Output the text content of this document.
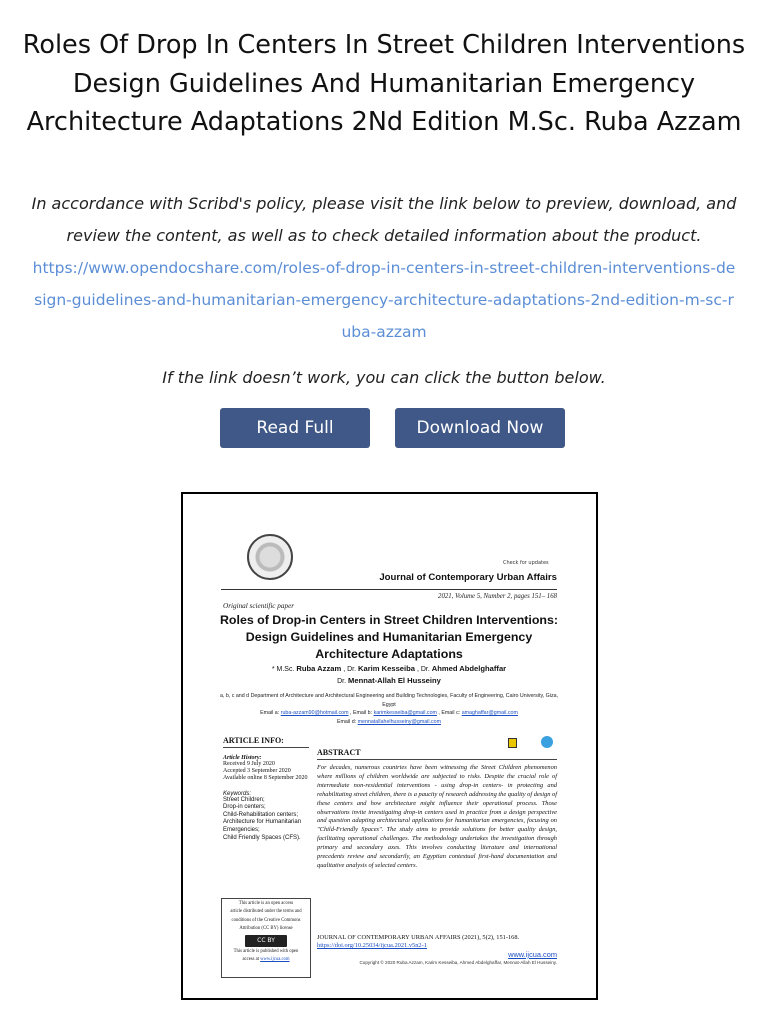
Roles Of Drop In Centers In Street Children Interventions Design Guidelines And Humanitarian Emergency Architecture Adaptations 2Nd Edition M.Sc. Ruba Azzam
In accordance with Scribd's policy, please visit the link below to preview, download, and review the content, as well as to check detailed information about the product.
https://www.opendocshare.com/roles-of-drop-in-centers-in-street-children-interventions-design-guidelines-and-humanitarian-emergency-architecture-adaptations-2nd-edition-m-sc-ruba-azzam
If the link doesn’t work, you can click the button below.
Read Full	Download Now
Check for updates
Journal of Contemporary Urban Affairs
2021, Volume 5, Number 2, pages 151– 168
Original scientific paper
Roles of Drop-in Centers in Street Children Interventions: Design Guidelines and Humanitarian Emergency Architecture Adaptations
* M.Sc. Ruba Azzam , Dr. Karim Kesseiba , Dr. Ahmed Abdelghaffar
Dr. Mennat-Allah El Husseiny
a, b, c and d Department of Architecture and Architectural Engineering and Building Technologies, Faculty of Engineering, Cairo University, Giza, Egypt
Email a: ruba-azzam90@hotmail.com , Email b: karimkesseiba@gmail.com , Email c: amaghaffar@gmail.com
Email d: mennatallahelhusseiny@gmail.com
ARTICLE INFO:
Article History:
Received 9 July 2020
Accepted 3 September 2020
Available online 8 September 2020
Keywords:
Street Children;
Drop-in centers;
Child-Rehabilitation centers;
Architecture for Humanitarian Emergencies;
Child Friendly Spaces (CFS).
This article is an open access
article distributed under the terms and
conditions of the Creative Commons
Attribution (CC BY) license
CC BY
This article is published with open
access at www.ijcua.com
ABSTRACT
For decades, numerous countries have been witnessing the Street Children phenomenon where millions of children worldwide are subjected to risks. Despite the crucial role of intermediate non-residential interventions - using drop-in centers- in protecting and rehabilitating street children, there is a paucity of research addressing the quality of design of these centers and how architecture might influence their operational process. Those observations invite investigating drop-in centers used in practice from a design perspective and question adapting architectural applications for humanitarian emergencies, focusing on "Child-Friendly Spaces". The study aims to provide solutions for better quality design, facilitating operational challenges. The methodology undertakes the investigation through primary and secondary axes. This involves conducting literature and international precedents review and secondarily, an Egyptian contextual first-hand documentation and qualitative analysis of selected centers.
JOURNAL OF CONTEMPORARY URBAN AFFAIRS (2021), 5(2), 151-168.
https://doi.org/10.25034/ijcua.2021.v5n2-1
www.ijcua.com
Copyright © 2020 Ruba Azzam, Karim Kesseiba, Ahmed Abdelghaffar, Mennat-Allah El Husseiny.
